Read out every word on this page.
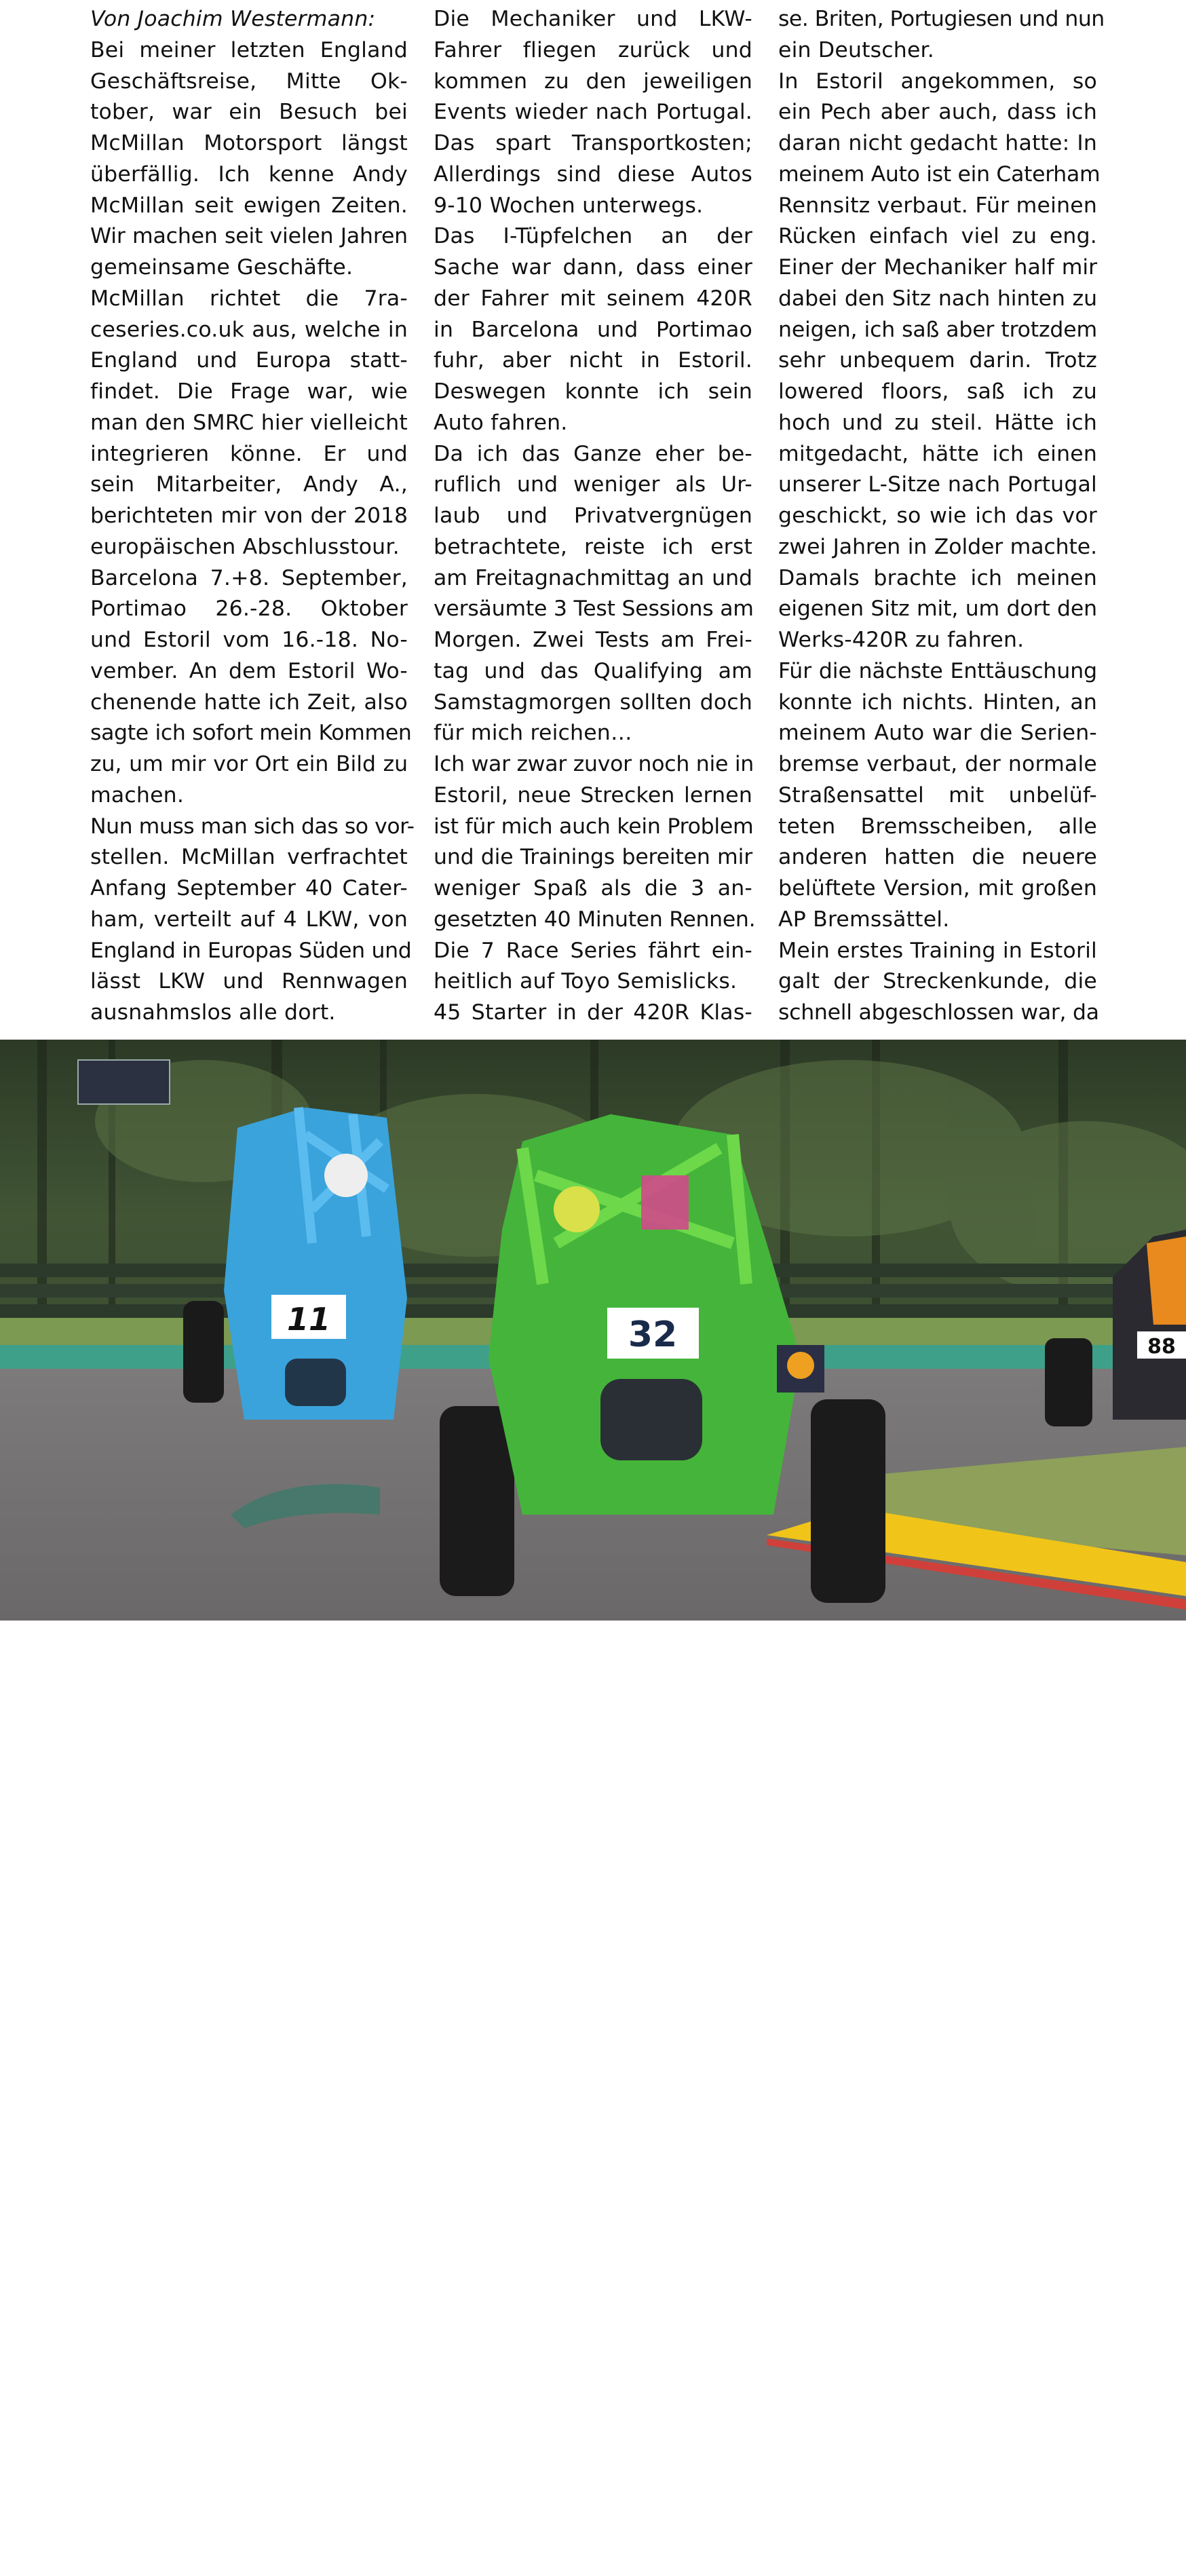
Von Joachim Westermann:
Bei meiner letzten England
Geschäftsreise, Mitte Ok-
tober, war ein Besuch bei
McMillan Motorsport längst
überfällig. Ich kenne Andy
McMillan seit ewigen Zeiten.
Wir machen seit vielen Jahren
gemeinsame Geschäfte.
McMillan richtet die 7ra-
ceseries.co.uk aus, welche in
England und Europa statt-
findet. Die Frage war, wie
man den SMRC hier vielleicht
integrieren könne. Er und
sein Mitarbeiter, Andy A.,
berichteten mir von der 2018
europäischen Abschlusstour.
Barcelona 7.+8. September,
Portimao 26.-28. Oktober
und Estoril vom 16.-18. No-
vember. An dem Estoril Wo-
chenende hatte ich Zeit, also
sagte ich sofort mein Kommen
zu, um mir vor Ort ein Bild zu
machen.
Nun muss man sich das so vor-
stellen. McMillan verfrachtet
Anfang September 40 Cater-
ham, verteilt auf 4 LKW, von
England in Europas Süden und
lässt LKW und Rennwagen
ausnahmslos alle dort.
Die Mechaniker und LKW-
Fahrer fliegen zurück und
kommen zu den jeweiligen
Events wieder nach Portugal.
Das spart Transportkosten;
Allerdings sind diese Autos
9-10 Wochen unterwegs.
Das I-Tüpfelchen an der
Sache war dann, dass einer
der Fahrer mit seinem 420R
in Barcelona und Portimao
fuhr, aber nicht in Estoril.
Deswegen konnte ich sein
Auto fahren.
Da ich das Ganze eher be-
ruflich und weniger als Ur-
laub und Privatvergnügen
betrachtete, reiste ich erst
am Freitagnachmittag an und
versäumte 3 Test Sessions am
Morgen. Zwei Tests am Frei-
tag und das Qualifying am
Samstagmorgen sollten doch
für mich reichen…
Ich war zwar zuvor noch nie in
Estoril, neue Strecken lernen
ist für mich auch kein Problem
und die Trainings bereiten mir
weniger Spaß als die 3 an-
gesetzten 40 Minuten Rennen.
Die 7 Race Series fährt ein-
heitlich auf Toyo Semislicks.
45 Starter in der 420R Klas-
se. Briten, Portugiesen und nun
ein Deutscher.
In Estoril angekommen, so
ein Pech aber auch, dass ich
daran nicht gedacht hatte: In
meinem Auto ist ein Caterham
Rennsitz verbaut. Für meinen
Rücken einfach viel zu eng.
Einer der Mechaniker half mir
dabei den Sitz nach hinten zu
neigen, ich saß aber trotzdem
sehr unbequem darin. Trotz
lowered floors, saß ich zu
hoch und zu steil. Hätte ich
mitgedacht, hätte ich einen
unserer L-Sitze nach Portugal
geschickt, so wie ich das vor
zwei Jahren in Zolder machte.
Damals brachte ich meinen
eigenen Sitz mit, um dort den
Werks-420R zu fahren.
Für die nächste Enttäuschung
konnte ich nichts. Hinten, an
meinem Auto war die Serien-
bremse verbaut, der normale
Straßensattel mit unbelüf-
teten Bremsscheiben, alle
anderen hatten die neuere
belüftete Version, mit großen
AP Bremssättel.
Mein erstes Training in Estoril
galt der Streckenkunde, die
schnell abgeschlossen war, da
11
88
32
Lee Wiggins mit der Startnummer 32
